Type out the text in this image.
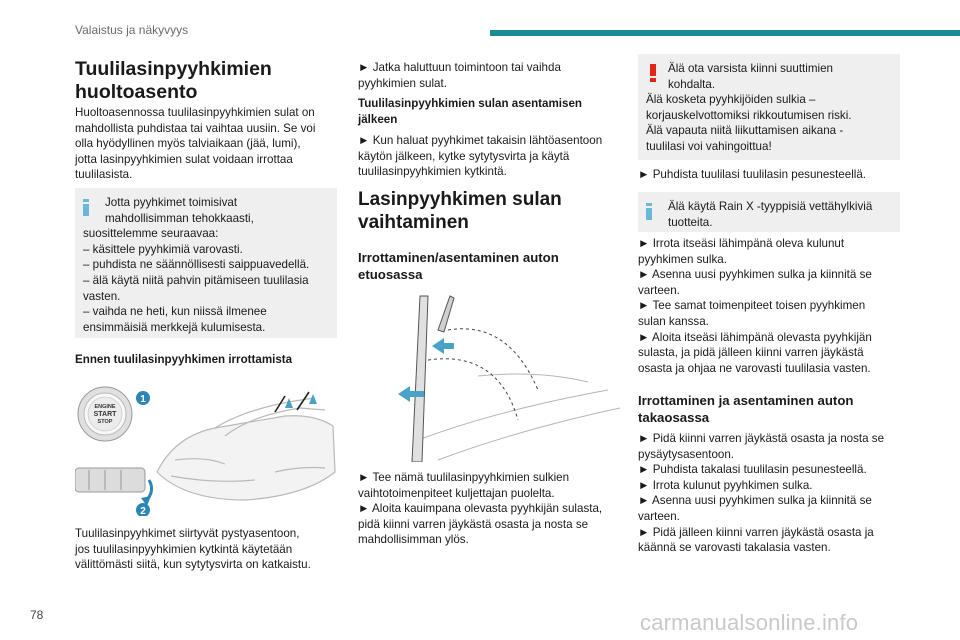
Valaistus ja näkyvyys
Tuulilasinpyyhkimien
huoltoasento
Huoltoasennossa tuulilasinpyyhkimien sulat on
mahdollista puhdistaa tai vaihtaa uusiin. Se voi
olla hyödyllinen myös talviaikaan (jää, lumi),
jotta lasinpyyhkimien sulat voidaan irrottaa
tuulilasista.
Jotta pyyhkimet toimisivat
mahdollisimman tehokkaasti,
suosittelemme seuraavaa:
– käsittele pyyhkimiä varovasti.
– puhdista ne säännöllisesti saippuavedellä.
– älä käytä niitä pahvin pitämiseen tuulilasia
vasten.
– vaihda ne heti, kun niissä ilmenee
ensimmäisiä merkkejä kulumisesta.
Ennen tuulilasinpyyhkimen irrottamista
ENGINE
START
STOP
1
2
Tuulilasinpyyhkimet siirtyvät pystyasentoon,
jos tuulilasinpyyhkimien kytkintä käytetään
välittömästi siitä, kun sytytysvirta on katkaistu.
► Jatka haluttuun toimintoon tai vaihda
pyyhkimien sulat.
Tuulilasinpyyhkimien sulan asentamisen
jälkeen
► Kun haluat pyyhkimet takaisin lähtöasentoon
käytön jälkeen, kytke sytytysvirta ja käytä
tuulilasinpyyhkimien kytkintä.
Lasinpyyhkimen sulan
vaihtaminen
Irrottaminen/asentaminen auton
etuosassa
► Tee nämä tuulilasinpyyhkimien sulkien
vaihtotoimenpiteet kuljettajan puolelta.
► Aloita kauimpana olevasta pyyhkijän sulasta,
pidä kiinni varren jäykästä osasta ja nosta se
mahdollisimman ylös.
Älä ota varsista kiinni suuttimien
kohdalta.
Älä kosketa pyyhkijöiden sulkia –
korjauskelvottomiksi rikkoutumisen riski.
Älä vapauta niitä liikuttamisen aikana -
tuulilasi voi vahingoittua!
► Puhdista tuulilasi tuulilasin pesunesteellä.
Älä käytä Rain X -tyyppisiä vettähylkiviä
tuotteita.
► Irrota itseäsi lähimpänä oleva kulunut
pyyhkimen sulka.
► Asenna uusi pyyhkimen sulka ja kiinnitä se
varteen.
► Tee samat toimenpiteet toisen pyyhkimen
sulan kanssa.
► Aloita itseäsi lähimpänä olevasta pyyhkijän
sulasta, ja pidä jälleen kiinni varren jäykästä
osasta ja ohjaa ne varovasti tuulilasia vasten.
Irrottaminen ja asentaminen auton
takaosassa
► Pidä kiinni varren jäykästä osasta ja nosta se
pysäytysasentoon.
► Puhdista takalasi tuulilasin pesunesteellä.
► Irrota kulunut pyyhkimen sulka.
► Asenna uusi pyyhkimen sulka ja kiinnitä se
varteen.
► Pidä jälleen kiinni varren jäykästä osasta ja
käännä se varovasti takalasia vasten.
78	carmanualsonline.info
